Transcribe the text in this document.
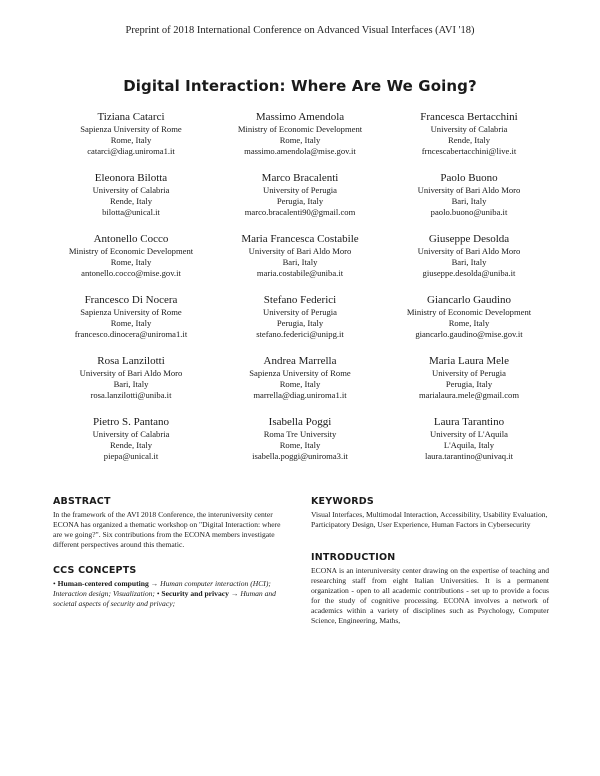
Preprint of 2018 International Conference on Advanced Visual Interfaces (AVI '18)
Digital Interaction: Where Are We Going?
Tiziana Catarci
Sapienza University of Rome
Rome, Italy
catarci@diag.uniroma1.it
Massimo Amendola
Ministry of Economic Development
Rome, Italy
massimo.amendola@mise.gov.it
Francesca Bertacchini
University of Calabria
Rende, Italy
frncescabertacchini@live.it
Eleonora Bilotta
University of Calabria
Rende, Italy
bilotta@unical.it
Marco Bracalenti
University of Perugia
Perugia, Italy
marco.bracalenti90@gmail.com
Paolo Buono
University of Bari Aldo Moro
Bari, Italy
paolo.buono@uniba.it
Antonello Cocco
Ministry of Economic Development
Rome, Italy
antonello.cocco@mise.gov.it
Maria Francesca Costabile
University of Bari Aldo Moro
Bari, Italy
maria.costabile@uniba.it
Giuseppe Desolda
University of Bari Aldo Moro
Bari, Italy
giuseppe.desolda@uniba.it
Francesco Di Nocera
Sapienza University of Rome
Rome, Italy
francesco.dinocera@uniroma1.it
Stefano Federici
University of Perugia
Perugia, Italy
stefano.federici@unipg.it
Giancarlo Gaudino
Ministry of Economic Development
Rome, Italy
giancarlo.gaudino@mise.gov.it
Rosa Lanzilotti
University of Bari Aldo Moro
Bari, Italy
rosa.lanzilotti@uniba.it
Andrea Marrella
Sapienza University of Rome
Rome, Italy
marrella@diag.uniroma1.it
Maria Laura Mele
University of Perugia
Perugia, Italy
marialaura.mele@gmail.com
Pietro S. Pantano
University of Calabria
Rende, Italy
piepa@unical.it
Isabella Poggi
Roma Tre University
Rome, Italy
isabella.poggi@uniroma3.it
Laura Tarantino
University of L'Aquila
L'Aquila, Italy
laura.tarantino@univaq.it
ABSTRACT
In the framework of the AVI 2018 Conference, the interuniversity center ECONA has organized a thematic workshop on "Digital Interaction: where are we going?". Six contributions from the ECONA members investigate different perspectives around this thematic.
CCS CONCEPTS
• Human-centered computing → Human computer interaction (HCI); Interaction design; Visualization; • Security and privacy → Human and societal aspects of security and privacy;
KEYWORDS
Visual Interfaces, Multimodal Interaction, Accessibility, Usability Evaluation, Participatory Design, User Experience, Human Factors in Cybersecurity
INTRODUCTION
ECONA is an interuniversity center drawing on the expertise of teaching and researching staff from eight Italian Universities. It is a permanent organization - open to all academic contributions - set up to provide a focus for the study of cognitive processing. ECONA involves a network of academics within a variety of disciplines such as Psychology, Computer Science, Engineering, Maths,
